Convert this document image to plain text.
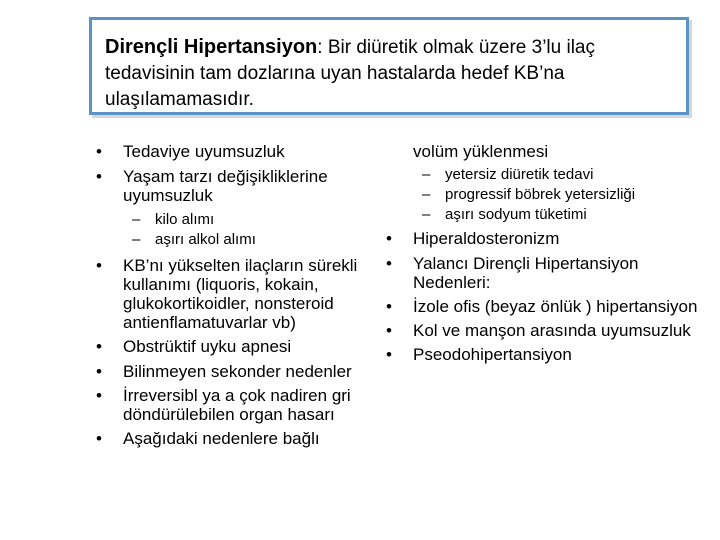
Dirençli Hipertansiyon: Bir diüretik olmak üzere 3’lu ilaç tedavisinin tam dozlarına uyan hastalarda hedef KB’na ulaşılamamasıdır.
• Tedaviye uyumsuzluk
• Yaşam tarzı değişikliklerine uyumsuzluk
– kilo alımı
– aşırı alkol alımı
• KB’nı yükselten ilaçların sürekli kullanımı (liquoris, kokain, glukokortikoidler, nonsteroid antienflamatuvarlar vb)
• Obstrüktif uyku apnesi
• Bilinmeyen sekonder nedenler
• İrreversibl ya a çok nadiren gri döndürülebilen organ hasarı
• Aşağıdaki nedenlere bağlı
volüm yüklenmesi
– yetersiz diüretik tedavi
– progressif böbrek yetersizliği
– aşırı sodyum tüketimi
• Hiperaldosteronizm
• Yalancı Dirençli Hipertansiyon Nedenleri:
• İzole ofis (beyaz önlük ) hipertansiyon
• Kol ve manşon arasında uyumsuzluk
• Pseodohipertansiyon
